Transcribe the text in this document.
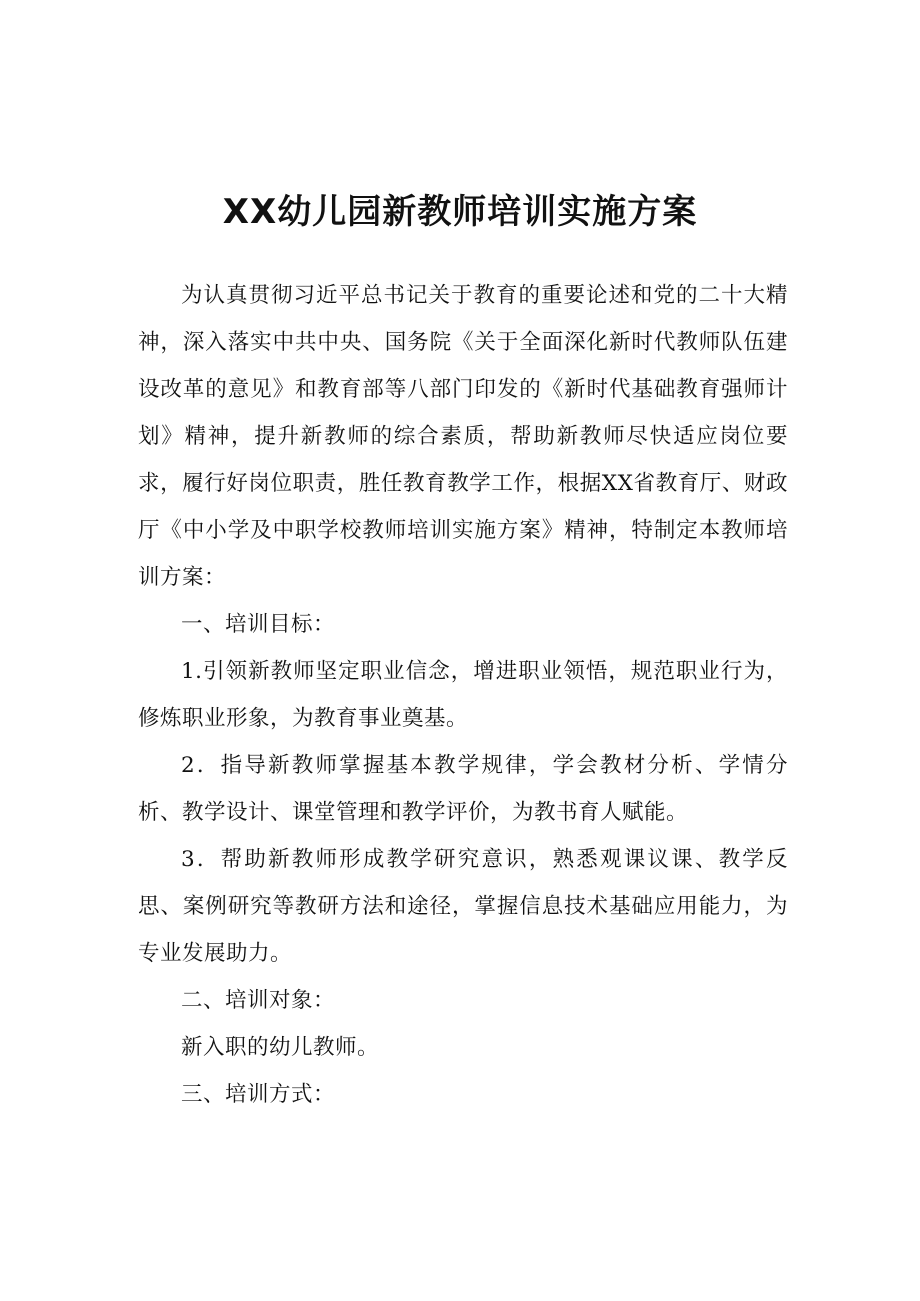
XX幼儿园新教师培训实施方案

为认真贯彻习近平总书记关于教育的重要论述和党的二十大精神，深入落实中共中央、国务院《关于全面深化新时代教师队伍建设改革的意见》和教育部等八部门印发的《新时代基础教育强师计划》精神，提升新教师的综合素质，帮助新教师尽快适应岗位要求，履行好岗位职责，胜任教育教学工作，根据XX省教育厅、财政厅《中小学及中职学校教师培训实施方案》精神，特制定本教师培训方案：

一、培训目标：

1.引领新教师坚定职业信念，增进职业领悟，规范职业行为，修炼职业形象，为教育事业奠基。

2．指导新教师掌握基本教学规律，学会教材分析、学情分析、教学设计、课堂管理和教学评价，为教书育人赋能。

3．帮助新教师形成教学研究意识，熟悉观课议课、教学反思、案例研究等教研方法和途径，掌握信息技术基础应用能力，为专业发展助力。

二、培训对象：

新入职的幼儿教师。

三、培训方式：
